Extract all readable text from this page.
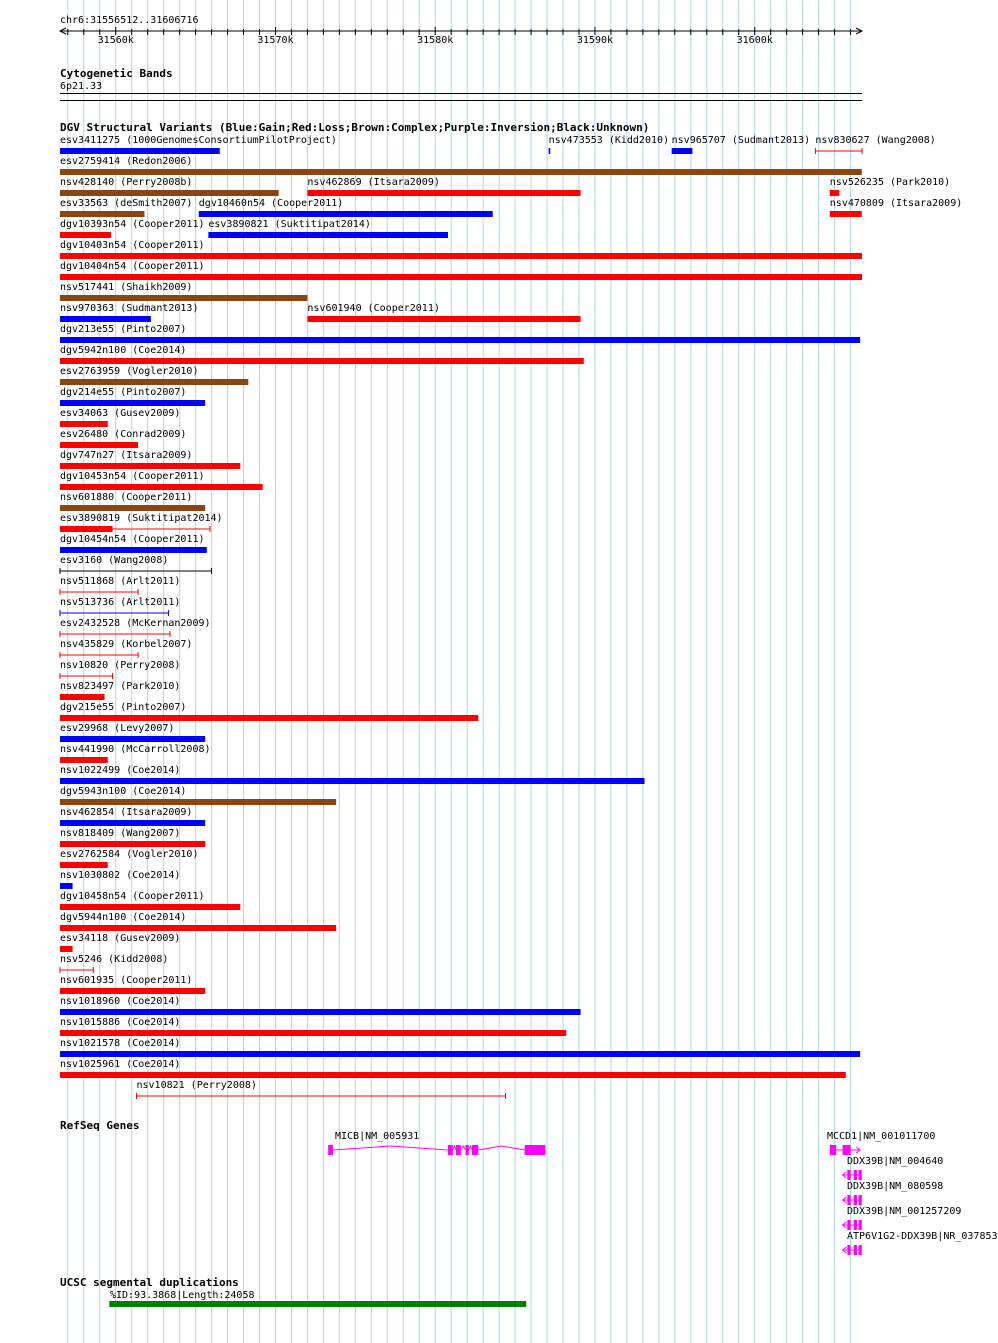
chr6:31556512..31606716
31560k	31570k	31580k	31590k	31600k
Cytogenetic Bands
6p21.33
DGV Structural Variants (Blue:Gain;Red:Loss;Brown:Complex;Purple:Inversion;Black:Unknown)
esv3411275 (1000GenomesConsortiumPilotProject)	nsv473553 (Kidd2010) nsv965707 (Sudmant2013) nsv830627 (Wang2008)
esv2759414 (Redon2006)
nsv428140 (Perry2008b)	nsv462869 (Itsara2009)	nsv526235 (Park2010)
esv33563 (deSmith2007) dgv10460n54 (Cooper2011)	nsv470809 (Itsara2009)
dgv10393n54 (Cooper2011) esv3890821 (Suktitipat2014)
dgv10403n54 (Cooper2011)
dgv10404n54 (Cooper2011)
nsv517441 (Shaikh2009)
nsv970363 (Sudmant2013)	nsv601940 (Cooper2011)
dgv213e55 (Pinto2007)
dgv5942n100 (Coe2014)
esv2763959 (Vogler2010)
dgv214e55 (Pinto2007)
esv34063 (Gusev2009)
esv26480 (Conrad2009)
dgv747n27 (Itsara2009)
dgv10453n54 (Cooper2011)
nsv601880 (Cooper2011)
esv3890819 (Suktitipat2014)
dgv10454n54 (Cooper2011)
esv3160 (Wang2008)
nsv511868 (Arlt2011)
nsv513736 (Arlt2011)
esv2432528 (McKernan2009)
nsv435829 (Korbel2007)
nsv10820 (Perry2008)
nsv823497 (Park2010)
dgv215e55 (Pinto2007)
esv29968 (Levy2007)
nsv441990 (McCarroll2008)
nsv1022499 (Coe2014)
dgv5943n100 (Coe2014)
nsv462854 (Itsara2009)
nsv818409 (Wang2007)
esv2762584 (Vogler2010)
nsv1030802 (Coe2014)
dgv10458n54 (Cooper2011)
dgv5944n100 (Coe2014)
esv34118 (Gusev2009)
nsv5246 (Kidd2008)
nsv601935 (Cooper2011)
nsv1018960 (Coe2014)
nsv1015886 (Coe2014)
nsv1021578 (Coe2014)
nsv1025961 (Coe2014)
nsv10821 (Perry2008)
RefSeq Genes
MICB|NM_005931	MCCD1|NM_001011700
DDX39B|NM_004640
DDX39B|NM_080598
DDX39B|NM_001257209
ATP6V1G2-DDX39B|NR_037853
UCSC segmental duplications
%ID:93.3868|Length:24058
